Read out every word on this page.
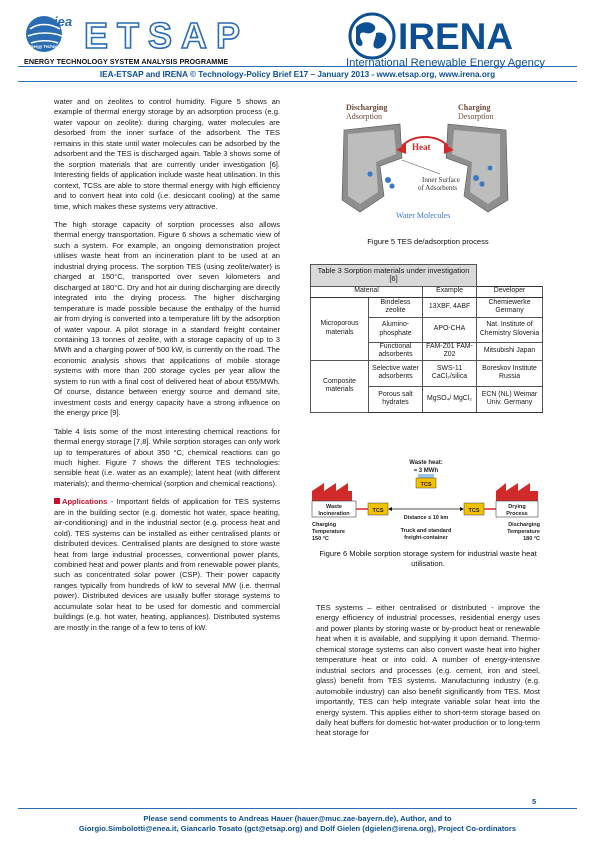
iea
Energy Technology Network ETSAP	IRENA
International Renewable Energy Agency
ENERGY TECHNOLOGY SYSTEM ANALYSIS PROGRAMME
IEA-ETSAP and IRENA © Technology-Policy Brief E17 – January 2013 - www.etsap.org, www.irena.org

water and on zeolites to control humidity. Figure 5 shows an example of thermal energy storage by an adsorption process (e.g. water vapour on zeolite): during charging, water molecules are desorbed from the inner surface of the adsorbent. The TES remains in this state until water molecules can be adsorbed by the adsorbent and the TES is discharged again. Table 3 shows some of the sorption materials that are currently under investigation [6]. Interesting fields of application include waste heat utilisation. In this context, TCSs are able to store thermal energy with high efficiency and to convert heat into cold (i.e. desiccant cooling) at the same time, which makes these systems very attractive.

The high storage capacity of sorption processes also allows thermal energy transportation. Figure 6 shows a schematic view of such a system. For example, an ongoing demonstration project utilises waste heat from an incineration plant to be used at an industrial drying process. The sorption TES (using zeolite/water) is charged at 150°C, transported over seven kilometers and discharged at 180°C. Dry and hot air during discharging are directly integrated into the drying process. The higher discharging temperature is made possible because the enthalpy of the humid air from drying is converted into a temperature lift by the adsorption of water vapour. A pilot storage in a standard freight container containing 13 tonnes of zeolite, with a storage capacity of up to 3 MWh and a charging power of 500 kW, is currently on the road. The economic analysis shows that applications of mobile storage systems with more than 200 storage cycles per year allow the system to run with a final cost of delivered heat of about €55/MWh. Of course, distance between energy source and demand site, investment costs and energy capacity have a strong influence on the energy price [9].

Table 4 lists some of the most interesting chemical reactions for thermal energy storage [7,8]. While sorption storages can only work up to temperatures of about 350 °C, chemical reactions can go much higher. Figure 7 shows the different TES technologies: sensible heat (i.e. water as an example); latent heat (with different materials); and thermo-chemical (sorption and chemical reactions).

Applications - Important fields of application for TES systems are in the building sector (e.g. domestic hot water, space heating, air-conditioning) and in the industrial sector (e.g. process heat and cold). TES systems can be installed as either centralised plants or distributed devices. Centralised plants are designed to store waste heat from large industrial processes, conventional power plants, combined heat and power plants and from renewable power plants, such as concentrated solar power (CSP). Their power capacity ranges typically from hundreds of kW to several MW (i.e. thermal power). Distributed devices are usually buffer storage systems to accumulate solar heat to be used for domestic and commercial buildings (e.g. hot water, heating, appliances). Distributed systems are mostly in the range of a few to tens of kW.

Discharging
Adsorption
Charging
Desorption
Heat
Inner Surface
of Adsorbents
Water Molecules
Figure 5 TES de/adsorption process
Table 3 Sorption materials under investigation [6]			
Material		Example	Developer
Microporous materials	Bindeless zeolite	13XBF, 4ABF	Chemiewerke Germany
	Alumino-phosphate	APO-CHA	Nat. Institute of Chemistry Slovenia
	Functional adsorbents	FAM-Z01 FAM-Z02	Mitsubishi Japan
Composite materials	Selective water adsorbents	SWS-11 CaCl₂/silica	Boreskov Institute Russia
	Porous salt hydrates	MgSO₄/ MgCl₂	ECN (NL) Weimar Univ. Germany
Waste heat:
≈ 3 MWh
TCS
Waste
Incineration	TCS
Distance ≤ 10 km
TCS
Drying
Process
Charging
Temperature
150 °C
Truck and standard
freight-container
Discharging
Temperature
180 °C
Figure 6 Mobile sorption storage system for industrial waste heat utilisation.

TES systems – either centralised or distributed - improve the energy efficiency of industrial processes, residential energy uses and power plants by storing waste or by-product heat or renewable heat when it is available, and supplying it upon demand. Thermo-chemical storage systems can also convert waste heat into higher temperature heat or into cold. A number of energy-intensive industrial sectors and processes (e.g. cement, iron and steel, glass) benefit from TES systems. Manufacturing industry (e.g. automobile industry) can also benefit significantly from TES. Most importantly, TES can help integrate variable solar heat into the energy system. This applies either to short-term storage based on daily heat buffers for domestic hot-water production or to long-term heat storage for

5
Please send comments to Andreas Hauer (hauer@muc.zae-bayern.de), Author, and to
Giorgio.Simbolotti@enea.it, Giancarlo Tosato (gct@etsap.org) and Dolf Gielen (dgielen@irena.org), Project Co-ordinators
